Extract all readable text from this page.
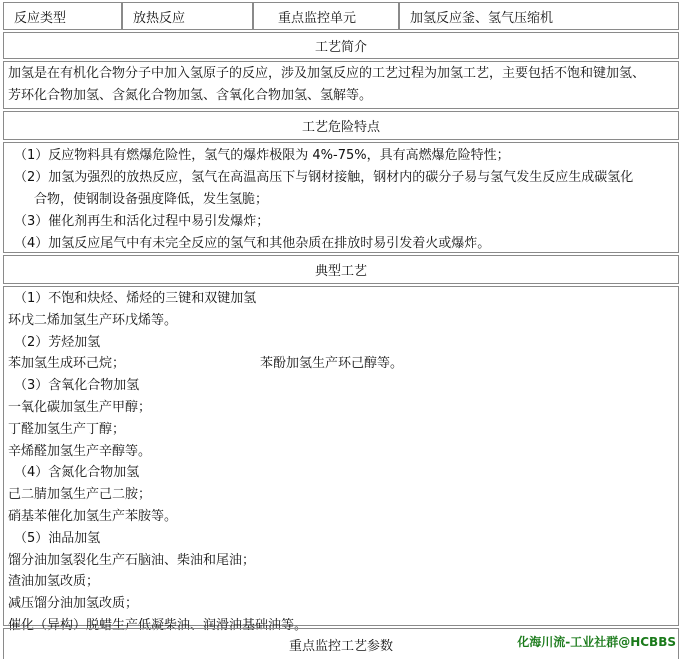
反应类型	放热反应	重点监控单元	加氢反应釜、氢气压缩机
工艺简介
加氢是在有机化合物分子中加入氢原子的反应，涉及加氢反应的工艺过程为加氢工艺，主要包括不饱和键加氢、
芳环化合物加氢、含氮化合物加氢、含氧化合物加氢、氢解等。
工艺危险特点
（1）反应物料具有燃爆危险性，氢气的爆炸极限为 4%-75%，具有高燃爆危险特性；
（2）加氢为强烈的放热反应，氢气在高温高压下与钢材接触，钢材内的碳分子易与氢气发生反应生成碳氢化
合物，使钢制设备强度降低，发生氢脆；
（3）催化剂再生和活化过程中易引发爆炸；
（4）加氢反应尾气中有未完全反应的氢气和其他杂质在排放时易引发着火或爆炸。
典型工艺
（1）不饱和炔烃、烯烃的三键和双键加氢
环戊二烯加氢生产环戊烯等。
（2）芳烃加氢
苯加氢生成环己烷；	苯酚加氢生产环己醇等。
（3）含氧化合物加氢
一氧化碳加氢生产甲醇；
丁醛加氢生产丁醇；
辛烯醛加氢生产辛醇等。
（4）含氮化合物加氢
己二腈加氢生产己二胺；
硝基苯催化加氢生产苯胺等。
（5）油品加氢
馏分油加氢裂化生产石脑油、柴油和尾油；
渣油加氢改质；
减压馏分油加氢改质；
催化（异构）脱蜡生产低凝柴油、润滑油基础油等。
重点监控工艺参数	化海川流-工业社群@HCBBS
